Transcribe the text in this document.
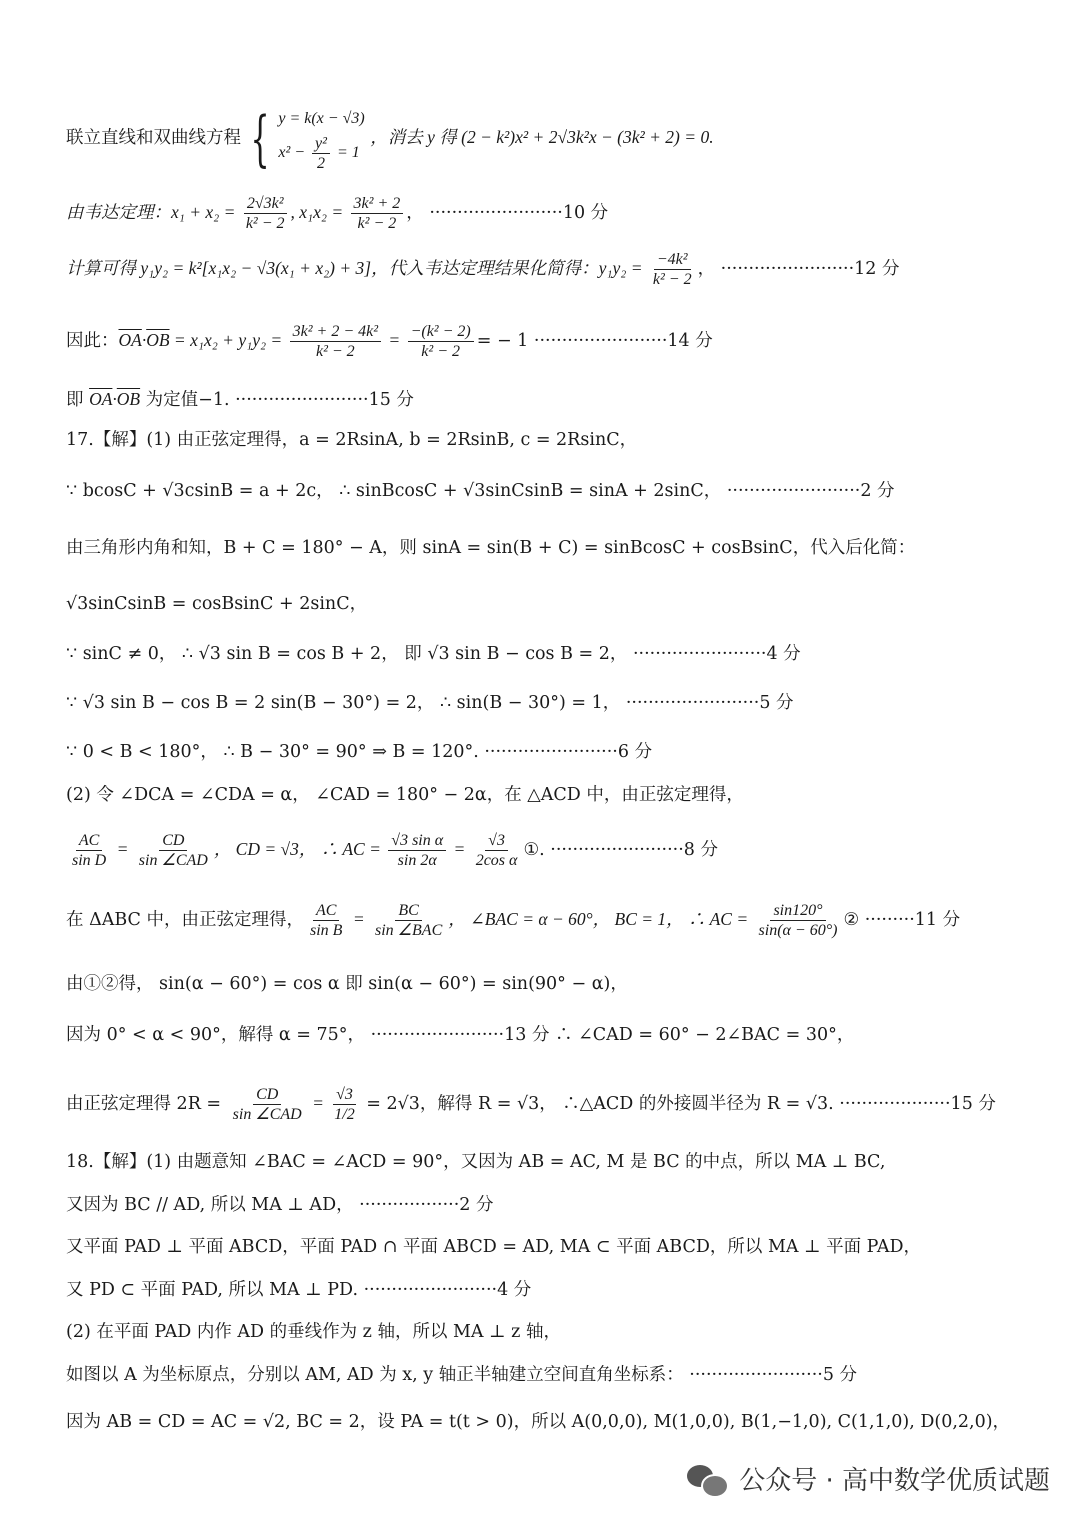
联立直线和双曲线方程 { y = k(x − √3)
$x^2 - \frac{\text{y²}}{2} = 1$
，消去 y 得 (2 − k²)x² + 2√3k²x − (3k² + 2) = 0.
由韦达定理：$x_1 + x_2 = \frac{\text{2√3k²}}{\text{k² − 2}}$ , $x_1x_2 = \frac{\text{3k² + 2}}{\text{k² − 2}}$ ， ························10 分
计算可得 y₁y₂ = k²[x₁x₂ − √3(x₁ + x₂) + 3]，代入韦达定理结果化简得：$y_1y_2 = \frac{\text{−4k²}}{\text{k² − 2}}$ ， ························12 分
因此：$\overline{OA}\cdot\overline{OB} = x_1x_2 + y_1y_2 = \frac{\text{3k² + 2 − 4k²}}{\text{k² − 2}} = \frac{\text{−(k² − 2)}}{\text{k² − 2}}$ = − 1 ························14 分
即 $\overline{OA}\cdot\overline{OB}$ 为定值−1. ························15 分
17.【解】(1) 由正弦定理得，a = 2RsinA, b = 2RsinB, c = 2RsinC，
∵ bcosC + √3csinB = a + 2c， ∴ sinBcosC + √3sinCsinB = sinA + 2sinC， ························2 分
由三角形内角和知，B + C = 180° − A，则 sinA = sin(B + C) = sinBcosC + cosBsinC，代入后化简：
√3sinCsinB = cosBsinC + 2sinC，
∵ sinC ≠ 0， ∴ √3 sin B = cos B + 2， 即 √3 sin B − cos B = 2， ························4 分
∵ √3 sin B − cos B = 2 sin(B − 30°) = 2， ∴ sin(B − 30°) = 1， ························5 分
∵ 0 < B < 180°， ∴ B − 30° = 90° ⇒ B = 120°. ························6 分
(2) 令 ∠DCA = ∠CDA = α， ∠CAD = 180° − 2α，在 △ACD 中，由正弦定理得，
$\frac{AC}{\text{sin D}} = \frac{CD}{\text{sin ∠CAD}}$ ， CD = √3， ∴ AC = $\frac{\text{√3 sin α}}{\sin 2\alpha} = \frac{√3}{\text{2cos α}}$ ①. ························8 分
在 ΔABC 中，由正弦定理得， $\frac{AC}{\text{sin B}} = \frac{BC}{\text{sin ∠BAC}}$ ， ∠BAC = α − 60°， BC = 1， ∴ AC = $\frac{\sin 120^\circ}{\sin(\alpha - 60^\circ)}$ ② ·········11 分
由①②得， sin(α − 60°) = cos α 即 sin(α − 60°) = sin(90° − α)，
因为 0° < α < 90°，解得 α = 75°， ························13 分 ∴ ∠CAD = 60° − 2∠BAC = 30°，
由正弦定理得 $2R = \frac{CD}{\text{sin ∠CAD}} = \frac{√3}{1/2} = 2√3$，解得 R = √3， ∴△ACD 的外接圆半径为 R = √3. ····················15 分
18.【解】(1) 由题意知 ∠BAC = ∠ACD = 90°，又因为 AB = AC, M 是 BC 的中点，所以 MA ⊥ BC,
又因为 BC // AD, 所以 MA ⊥ AD， ··················2 分
又平面 PAD ⊥ 平面 ABCD，平面 PAD ∩ 平面 ABCD = AD, MA ⊂ 平面 ABCD，所以 MA ⊥ 平面 PAD，
又 PD ⊂ 平面 PAD, 所以 MA ⊥ PD. ························4 分
(2) 在平面 PAD 内作 AD 的垂线作为 z 轴，所以 MA ⊥ z 轴，
如图以 A 为坐标原点，分别以 AM, AD 为 x, y 轴正半轴建立空间直角坐标系： ························5 分
因为 AB = CD = AC = √2, BC = 2，设 PA = t(t > 0)，所以 A(0,0,0), M(1,0,0), B(1,−1,0), C(1,1,0), D(0,2,0)，
公众号 · 高中数学优质试题
